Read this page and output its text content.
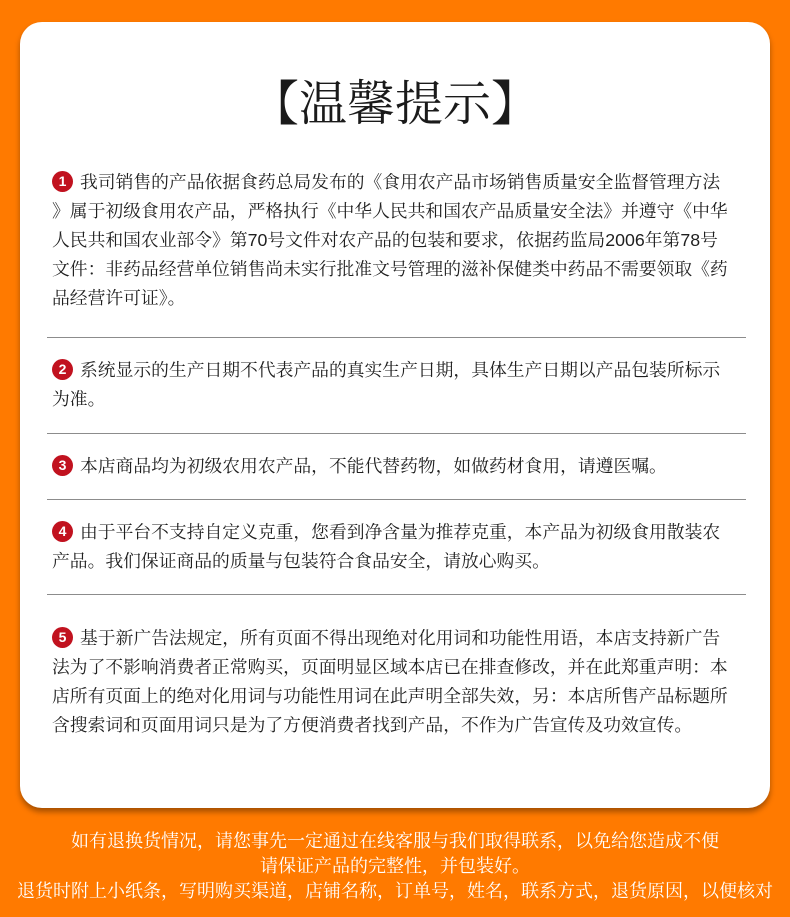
【温馨提示】
1 我司销售的产品依据食药总局发布的《食用农产品市场销售质量安全监督管理方法
》属于初级食用农产品，严格执行《中华人民共和国农产品质量安全法》并遵守《中华
人民共和国农业部令》第70号文件对农产品的包装和要求，依据药监局2006年第78号
文件：非药品经营单位销售尚未实行批准文号管理的滋补保健类中药品不需要领取《药
品经营许可证》。
2 系统显示的生产日期不代表产品的真实生产日期，具体生产日期以产品包装所标示
为准。
3 本店商品均为初级农用农产品，不能代替药物，如做药材食用，请遵医嘱。
4 由于平台不支持自定义克重，您看到净含量为推荐克重，本产品为初级食用散装农
产品。我们保证商品的质量与包装符合食品安全，请放心购买。
5 基于新广告法规定，所有页面不得出现绝对化用词和功能性用语，本店支持新广告
法为了不影响消费者正常购买，页面明显区域本店已在排查修改，并在此郑重声明：本
店所有页面上的绝对化用词与功能性用词在此声明全部失效，另：本店所售产品标题所
含搜索词和页面用词只是为了方便消费者找到产品，不作为广告宣传及功效宣传。
如有退换货情况，请您事先一定通过在线客服与我们取得联系，以免给您造成不便
请保证产品的完整性，并包装好。
退货时附上小纸条，写明购买渠道，店铺名称，订单号，姓名，联系方式，退货原因，以便核对
